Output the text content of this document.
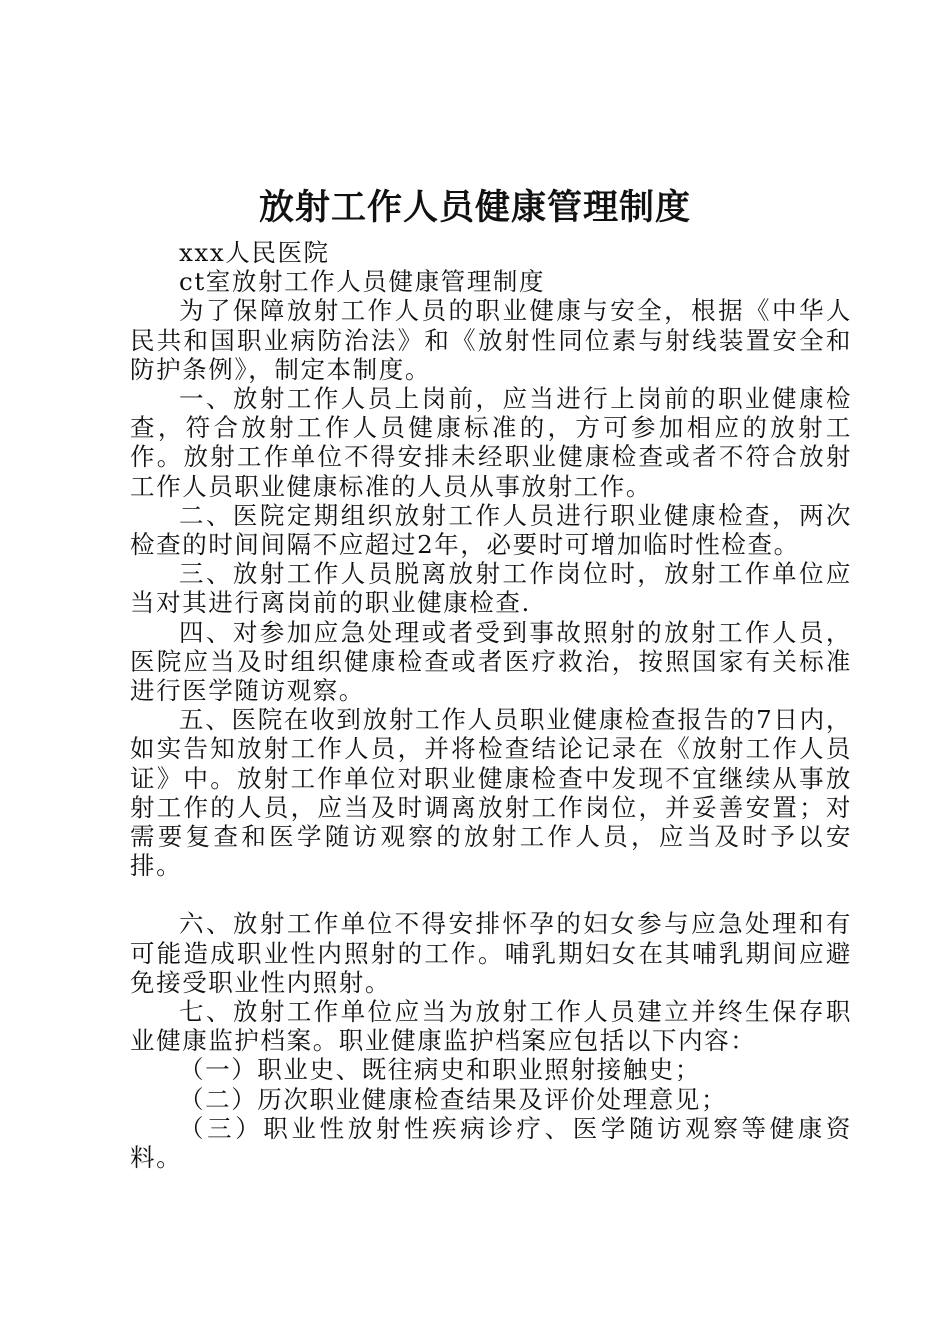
放射工作人员健康管理制度

xxx人民医院

ct室放射工作人员健康管理制度

为了保障放射工作人员的职业健康与安全，根据《中华人民共和国职业病防治法》和《放射性同位素与射线装置安全和防护条例》，制定本制度。

一、放射工作人员上岗前，应当进行上岗前的职业健康检查，符合放射工作人员健康标准的，方可参加相应的放射工作。放射工作单位不得安排未经职业健康检查或者不符合放射工作人员职业健康标准的人员从事放射工作。

二、医院定期组织放射工作人员进行职业健康检查，两次检查的时间间隔不应超过2年，必要时可增加临时性检查。

三、放射工作人员脱离放射工作岗位时，放射工作单位应当对其进行离岗前的职业健康检查.

四、对参加应急处理或者受到事故照射的放射工作人员，医院应当及时组织健康检查或者医疗救治，按照国家有关标准进行医学随访观察。

五、医院在收到放射工作人员职业健康检查报告的7日内，如实告知放射工作人员，并将检查结论记录在《放射工作人员证》中。放射工作单位对职业健康检查中发现不宜继续从事放射工作的人员，应当及时调离放射工作岗位，并妥善安置；对需要复查和医学随访观察的放射工作人员，应当及时予以安排。

六、放射工作单位不得安排怀孕的妇女参与应急处理和有可能造成职业性内照射的工作。哺乳期妇女在其哺乳期间应避免接受职业性内照射。

七、放射工作单位应当为放射工作人员建立并终生保存职业健康监护档案。职业健康监护档案应包括以下内容：

（一）职业史、既往病史和职业照射接触史；

（二）历次职业健康检查结果及评价处理意见；

（三）职业性放射性疾病诊疗、医学随访观察等健康资料。
